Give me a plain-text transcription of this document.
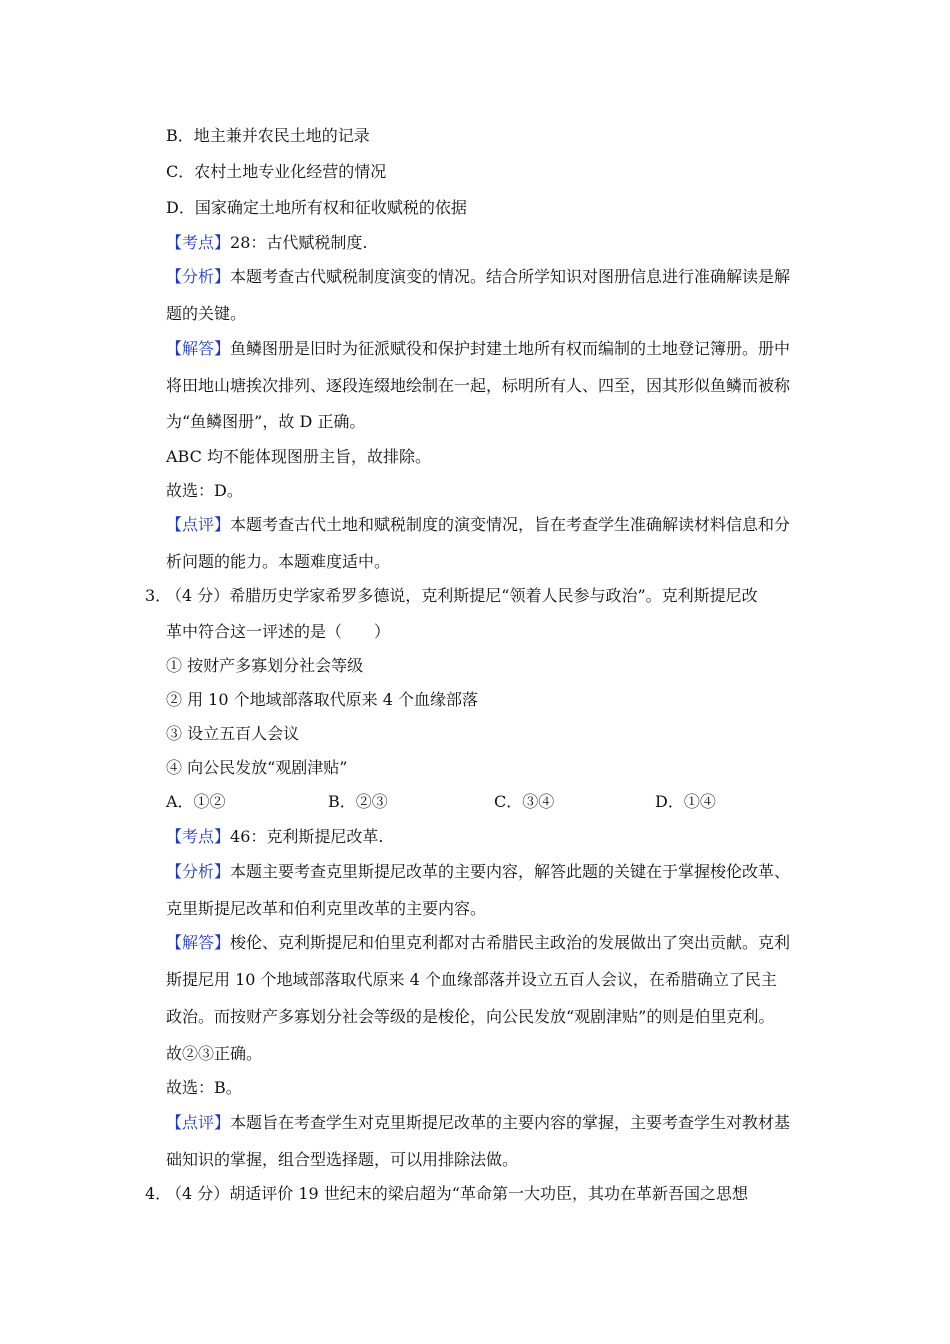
B．地主兼并农民土地的记录
C．农村土地专业化经营的情况
D．国家确定土地所有权和征收赋税的依据
【考点】28：古代赋税制度.
【分析】本题考查古代赋税制度演变的情况。结合所学知识对图册信息进行准确解读是解
题的关键。
【解答】鱼鳞图册是旧时为征派赋役和保护封建土地所有权而编制的土地登记簿册。册中
将田地山塘挨次排列、逐段连缀地绘制在一起，标明所有人、四至，因其形似鱼鳞而被称
为“鱼鳞图册”，故 D 正确。
ABC 均不能体现图册主旨，故排除。
故选：D。
【点评】本题考查古代土地和赋税制度的演变情况，旨在考查学生准确解读材料信息和分
析问题的能力。本题难度适中。
3．
（4 分）希腊历史学家希罗多德说，克利斯提尼“领着人民参与政治”。克利斯提尼改
革中符合这一评述的是（　　）
① 按财产多寡划分社会等级
② 用 10 个地域部落取代原来 4 个血缘部落
③ 设立五百人会议
④ 向公民发放“观剧津贴”
A．①②	B．②③	C．③④	D．①④
【考点】46：克利斯提尼改革.
【分析】本题主要考查克里斯提尼改革的主要内容，解答此题的关键在于掌握梭伦改革、
克里斯提尼改革和伯利克里改革的主要内容。
【解答】梭伦、克利斯提尼和伯里克利都对古希腊民主政治的发展做出了突出贡献。克利
斯提尼用 10 个地域部落取代原来 4 个血缘部落并设立五百人会议，在希腊确立了民主
政治。而按财产多寡划分社会等级的是梭伦，向公民发放“观剧津贴”的则是伯里克利。
故②③正确。
故选：B。
【点评】本题旨在考查学生对克里斯提尼改革的主要内容的掌握，主要考查学生对教材基
础知识的掌握，组合型选择题，可以用排除法做。
4．
（4 分）胡适评价 19 世纪末的梁启超为“革命第一大功臣，其功在革新吾国之思想
